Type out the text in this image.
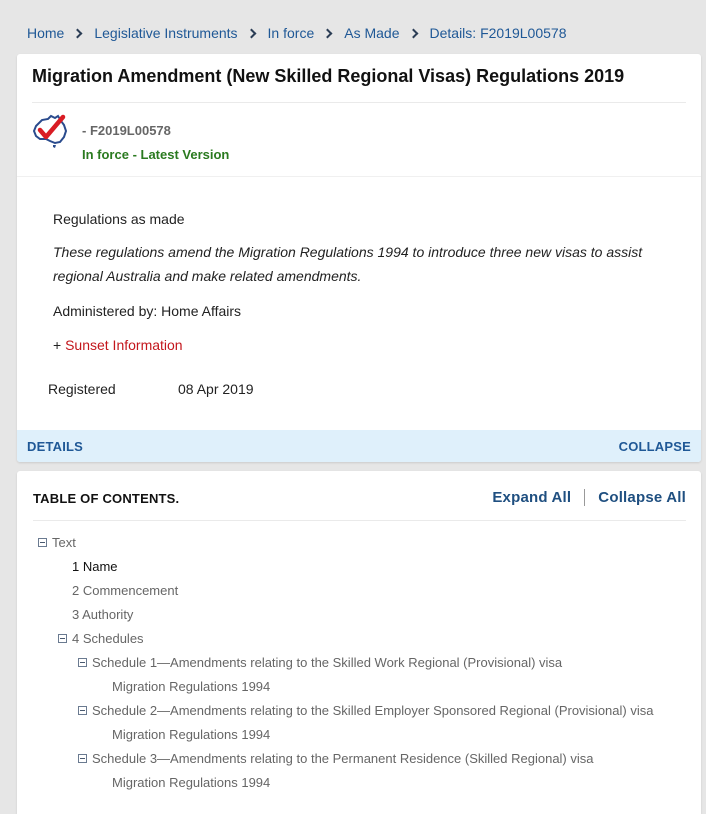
Home Legislative Instruments In force As Made Details: F2019L00578
Migration Amendment (New Skilled Regional Visas) Regulations 2019
- F2019L00578
In force - Latest Version
Regulations as made
These regulations amend the Migration Regulations 1994 to introduce three new visas to assist regional Australia and make related amendments.
Administered by: Home Affairs
+ Sunset Information
Registered	08 Apr 2019
DETAILS	COLLAPSE
TABLE OF CONTENTS.	Expand All Collapse All
Text
1 Name
2 Commencement
3 Authority
4 Schedules
Schedule 1—Amendments relating to the Skilled Work Regional (Provisional) visa
Migration Regulations 1994
Schedule 2—Amendments relating to the Skilled Employer Sponsored Regional (Provisional) visa
Migration Regulations 1994
Schedule 3—Amendments relating to the Permanent Residence (Skilled Regional) visa
Migration Regulations 1994
